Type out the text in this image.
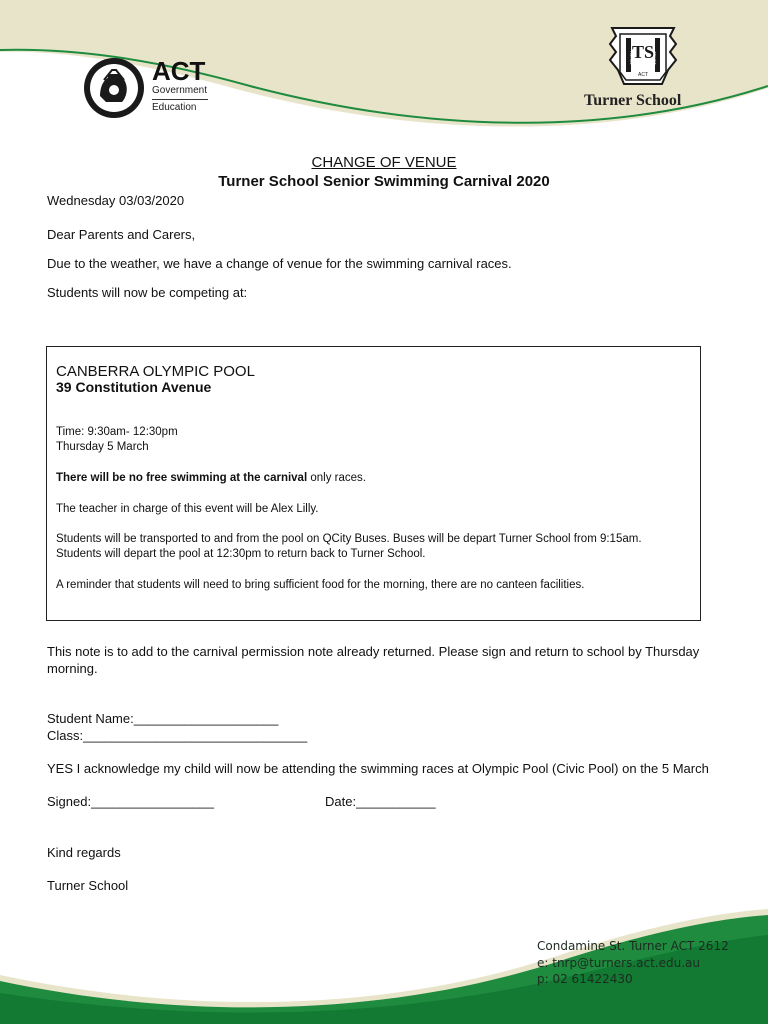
ACT
Government
Education
TS
ACT
TRUTH	TRUST
Turner School
CHANGE OF VENUE
Turner School Senior Swimming Carnival 2020
Wednesday 03/03/2020
Dear Parents and Carers,
Due to the weather, we have a change of venue for the swimming carnival races.
Students will now be competing at:
CANBERRA OLYMPIC POOL
39 Constitution Avenue
Time: 9:30am- 12:30pm
Thursday 5 March
There will be no free swimming at the carnival only races.
The teacher in charge of this event will be Alex Lilly.
Students will be transported to and from the pool on QCity Buses. Buses will be depart Turner School from 9:15am.
Students will depart the pool at 12:30pm to return back to Turner School.
A reminder that students will need to bring sufficient food for the morning, there are no canteen facilities.
This note is to add to the carnival permission note already returned. Please sign and return to school by Thursday
morning.
Student Name:____________________
Class:_______________________________
YES I acknowledge my child will now be attending the swimming races at Olympic Pool (Civic Pool) on the 5 March
Signed:_________________	Date:___________
Kind regards
Turner School
Condamine St. Turner ACT 2612
e: tnrp@turners.act.edu.au
p: 02 61422430
